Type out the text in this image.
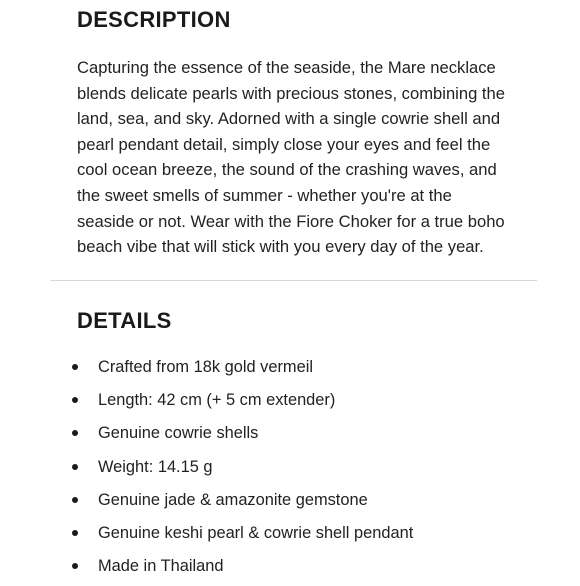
DESCRIPTION

Capturing the essence of the seaside, the Mare necklace
blends delicate pearls with precious stones, combining the
land, sea, and sky. Adorned with a single cowrie shell and
pearl pendant detail, simply close your eyes and feel the
cool ocean breeze, the sound of the crashing waves, and
the sweet smells of summer - whether you're at the
seaside or not. Wear with the Fiore Choker for a true boho
beach vibe that will stick with you every day of the year.

DETAILS
Crafted from 18k gold vermeil
Length: 42 cm (+ 5 cm extender)
Genuine cowrie shells
Weight: 14.15 g
Genuine jade & amazonite gemstone
Genuine keshi pearl & cowrie shell pendant
Made in Thailand
